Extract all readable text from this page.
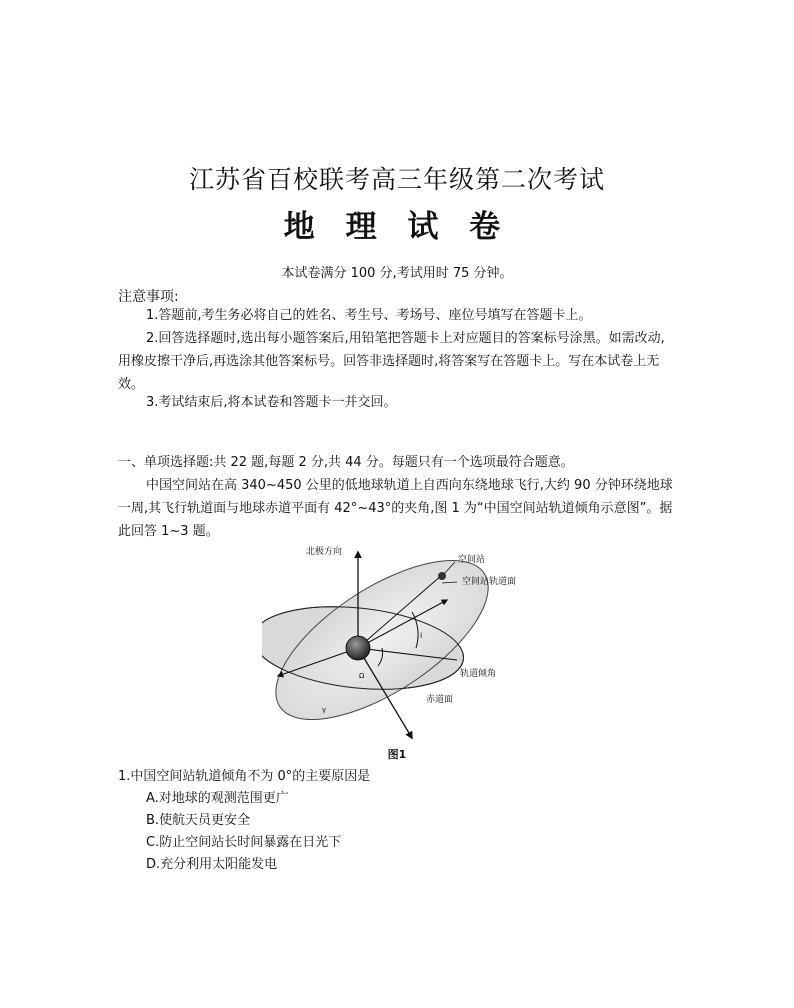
江苏省百校联考高三年级第二次考试
地 理 试 卷
本试卷满分 100 分,考试用时 75 分钟。
注意事项:
1.答题前,考生务必将自己的姓名、考生号、考场号、座位号填写在答题卡上。
2.回答选择题时,选出每小题答案后,用铅笔把答题卡上对应题目的答案标号涂黑。如需改动,用橡皮擦干净后,再选涂其他答案标号。回答非选择题时,将答案写在答题卡上。写在本试卷上无效。
3.考试结束后,将本试卷和答题卡一并交回。
一、单项选择题:共 22 题,每题 2 分,共 44 分。每题只有一个选项最符合题意。
中国空间站在高 340~450 公里的低地球轨道上自西向东绕地球飞行,大约 90 分钟环绕地球一周,其飞行轨道面与地球赤道平面有 42°~43°的夹角,图 1 为“中国空间站轨道倾角示意图”。据此回答 1~3 题。
北极方向
空间站
空间站轨道面
轨道倾角
赤道面
i
Ω
γ
图1
1.中国空间站轨道倾角不为 0°的主要原因是
A.对地球的观测范围更广
B.使航天员更安全
C.防止空间站长时间暴露在日光下
D.充分利用太阳能发电
